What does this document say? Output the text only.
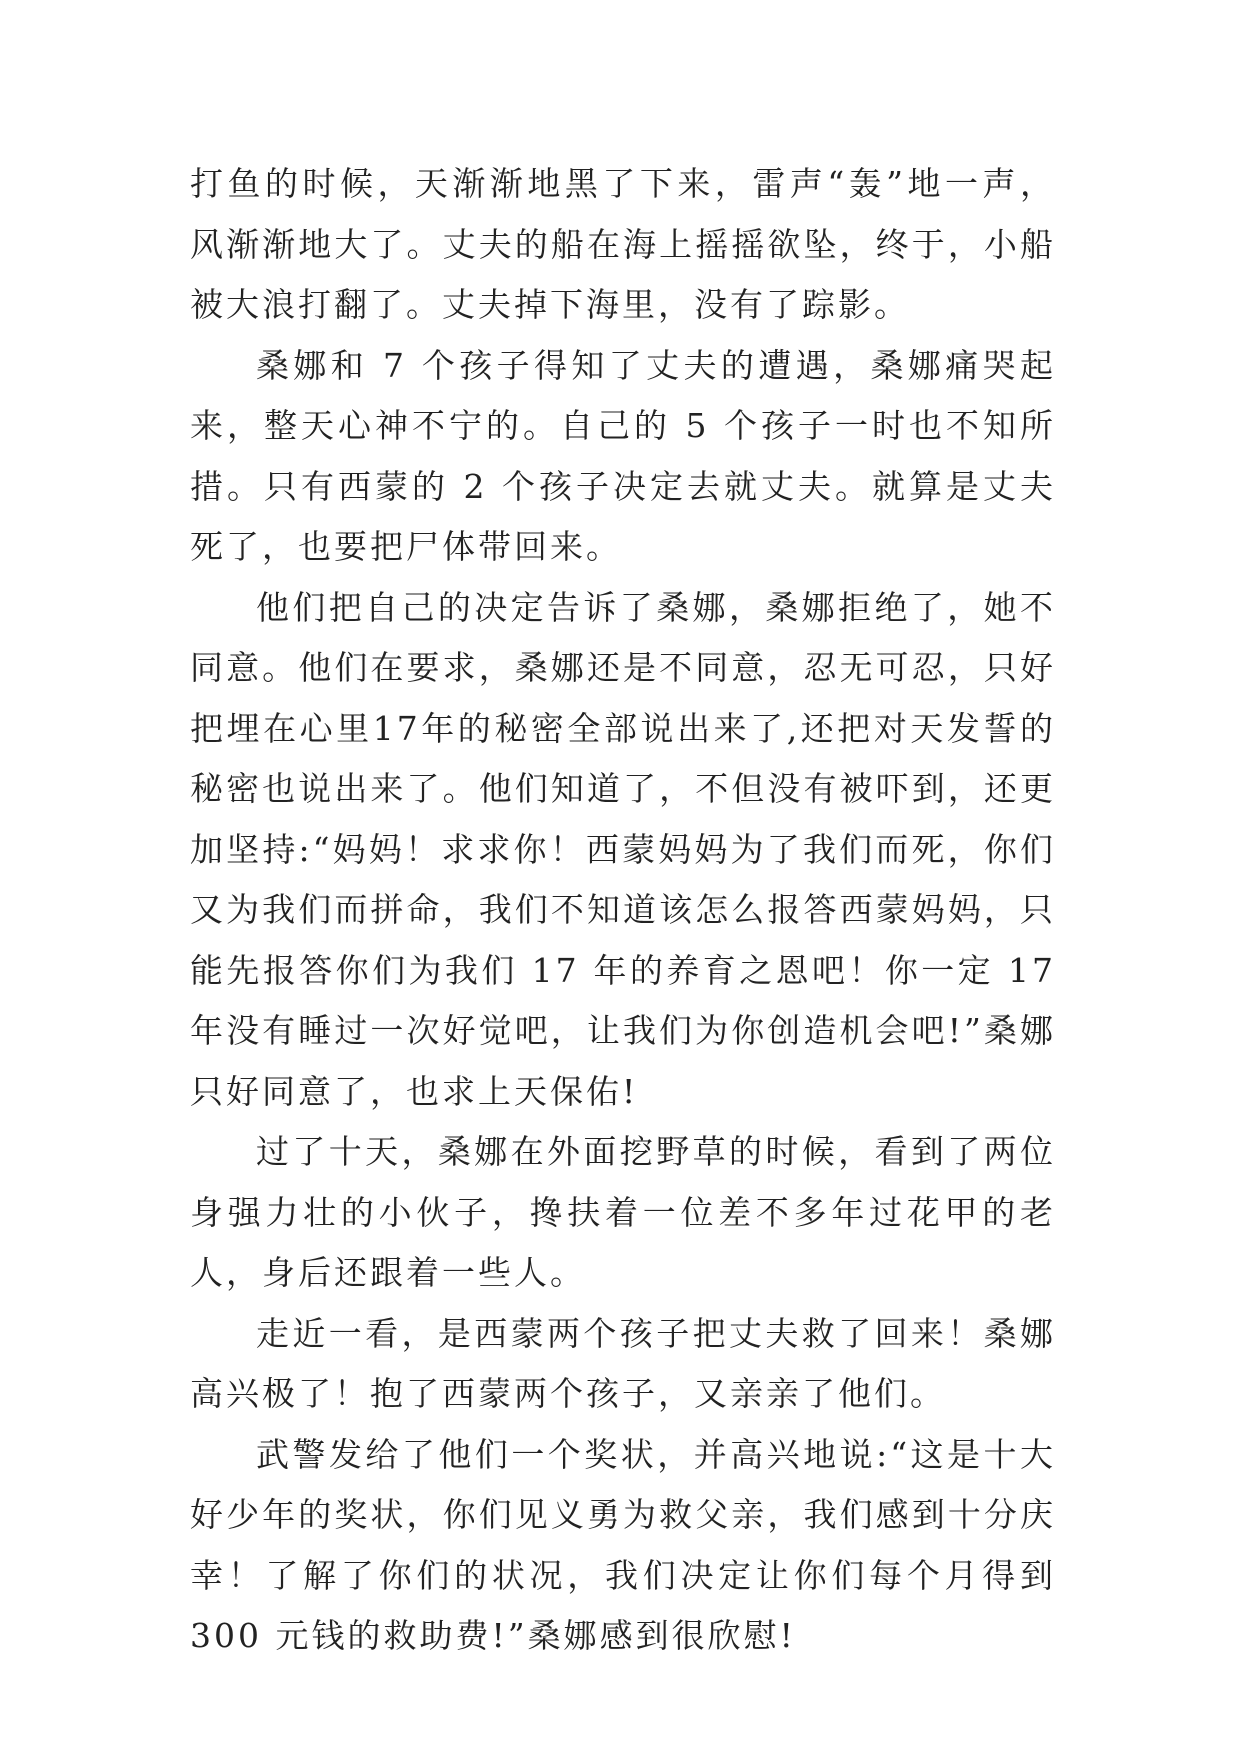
打鱼的时候，天渐渐地黑了下来，雷声“轰”地一声，风渐渐地大了。丈夫的船在海上摇摇欲坠，终于，小船被大浪打翻了。丈夫掉下海里，没有了踪影。

桑娜和 7 个孩子得知了丈夫的遭遇，桑娜痛哭起来，整天心神不宁的。自己的 5 个孩子一时也不知所措。只有西蒙的 2 个孩子决定去就丈夫。就算是丈夫死了，也要把尸体带回来。

他们把自己的决定告诉了桑娜，桑娜拒绝了，她不同意。他们在要求，桑娜还是不同意，忍无可忍，只好把埋在心里17年的秘密全部说出来了,还把对天发誓的秘密也说出来了。他们知道了，不但没有被吓到，还更加坚持:“妈妈！求求你！西蒙妈妈为了我们而死，你们又为我们而拼命，我们不知道该怎么报答西蒙妈妈，只能先报答你们为我们 17 年的养育之恩吧！你一定 17 年没有睡过一次好觉吧，让我们为你创造机会吧!”桑娜只好同意了，也求上天保佑!

过了十天，桑娜在外面挖野草的时候，看到了两位身强力壮的小伙子，搀扶着一位差不多年过花甲的老人，身后还跟着一些人。

走近一看，是西蒙两个孩子把丈夫救了回来！桑娜高兴极了！抱了西蒙两个孩子，又亲亲了他们。

武警发给了他们一个奖状，并高兴地说:“这是十大好少年的奖状，你们见义勇为救父亲，我们感到十分庆幸！了解了你们的状况，我们决定让你们每个月得到 300 元钱的救助费!”桑娜感到很欣慰!
